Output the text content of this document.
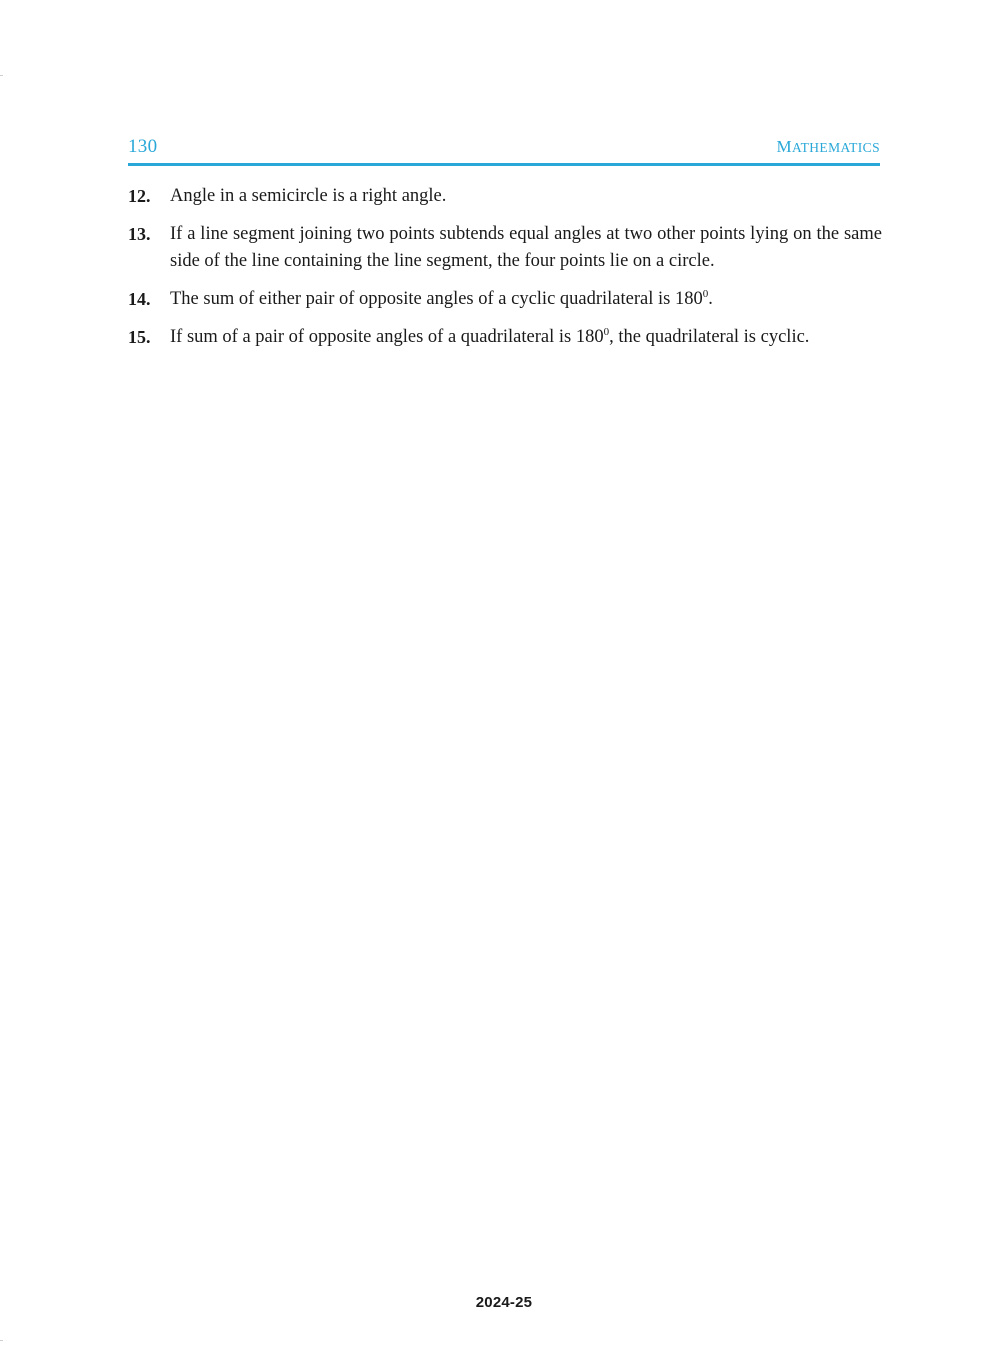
130	MATHEMATICS
12.	Angle in a semicircle is a right angle.
13.	If a line segment joining two points subtends equal angles at two other points lying on the same side of the line containing the line segment, the four points lie on a circle.
14.	The sum of either pair of opposite angles of a cyclic quadrilateral is $180^0$.
15.	If sum of a pair of opposite angles of a quadrilateral is $180^0$, the quadrilateral is cyclic.
2024-25
